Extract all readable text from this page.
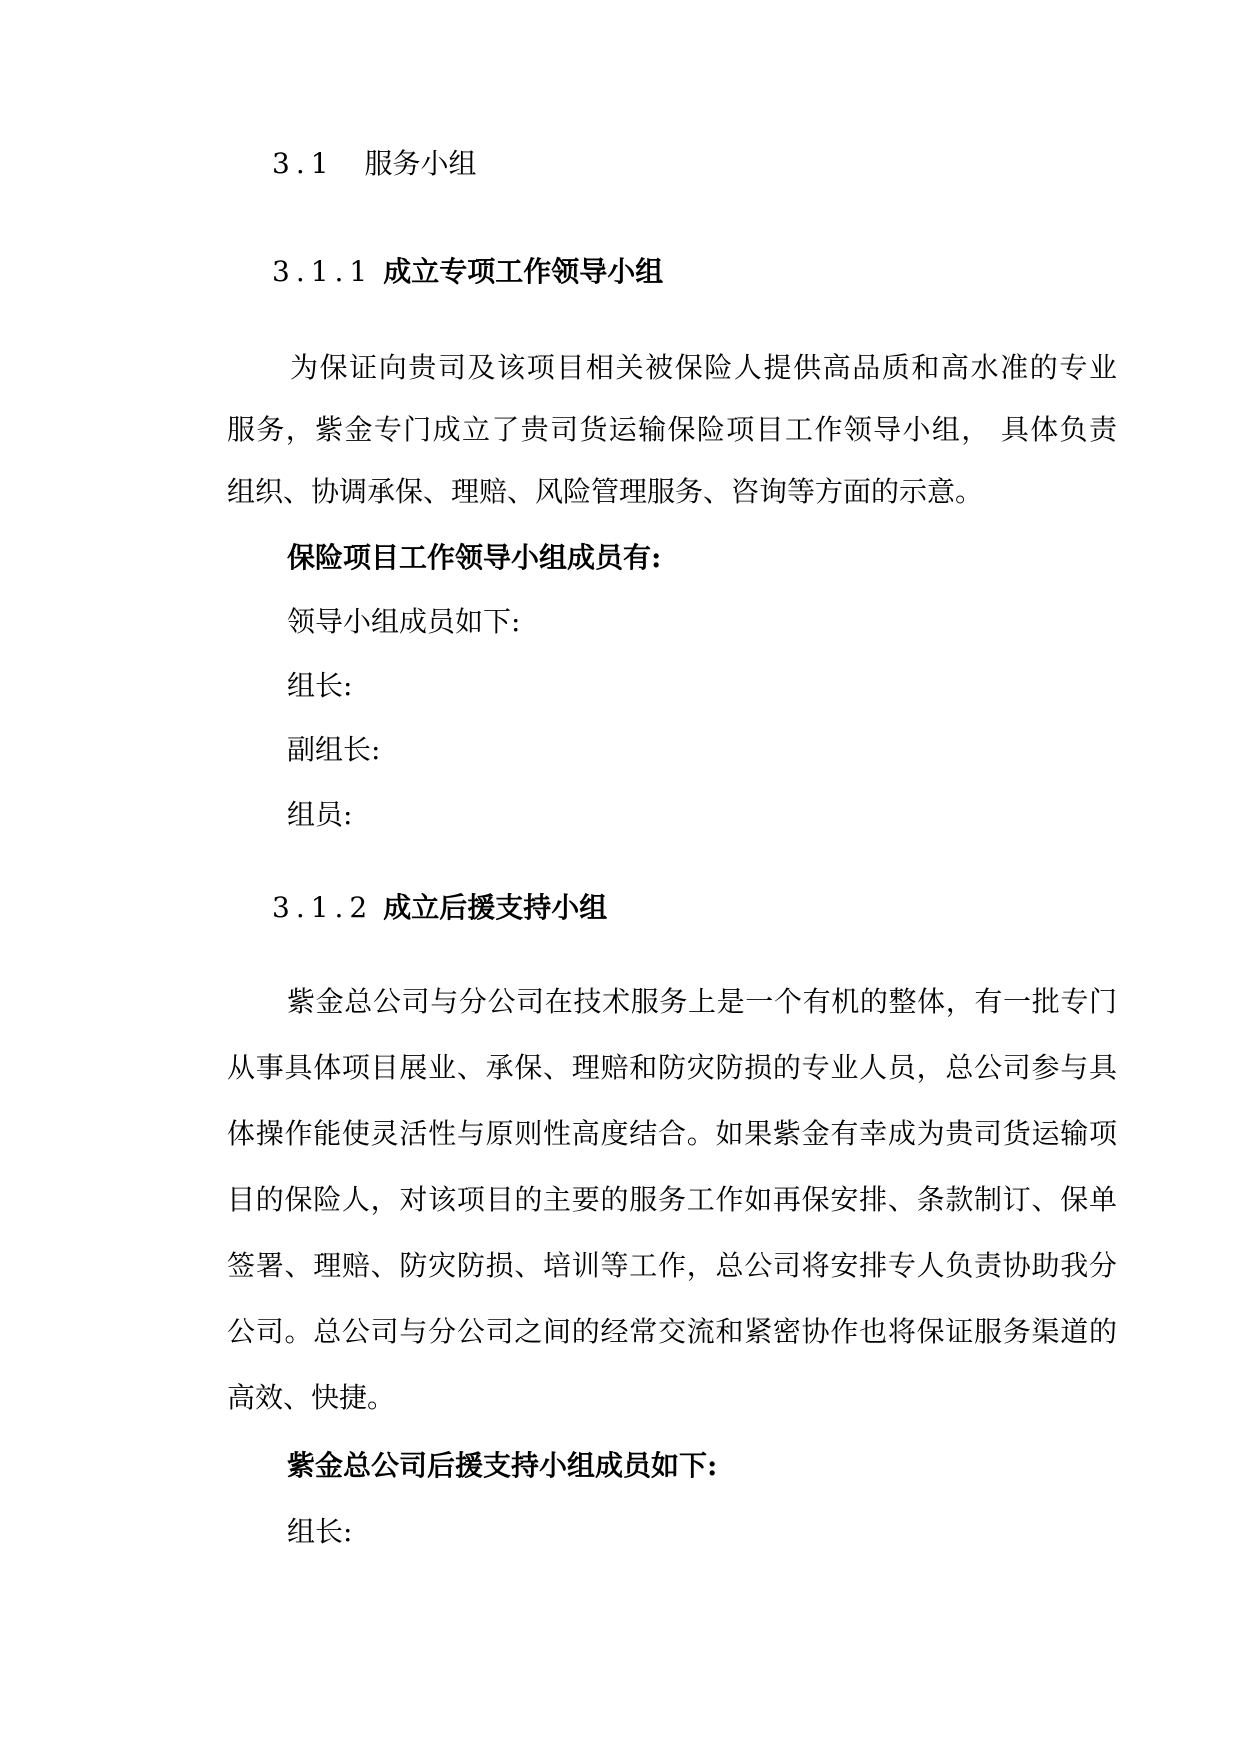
3.1 服务小组
3.1.1 成立专项工作领导小组
为保证向贵司及该项目相关被保险人提供高品质和高水准的专业
服务，紫金专门成立了贵司货运输保险项目工作领导小组， 具体负责
组织、协调承保、理赔、风险管理服务、咨询等方面的示意。
保险项目工作领导小组成员有:
领导小组成员如下:
组长:
副组长:
组员:
3.1.2 成立后援支持小组
紫金总公司与分公司在技术服务上是一个有机的整体，有一批专门
从事具体项目展业、承保、理赔和防灾防损的专业人员，总公司参与具
体操作能使灵活性与原则性高度结合。如果紫金有幸成为贵司货运输项
目的保险人，对该项目的主要的服务工作如再保安排、条款制订、保单
签署、理赔、防灾防损、培训等工作，总公司将安排专人负责协助我分
公司。总公司与分公司之间的经常交流和紧密协作也将保证服务渠道的
高效、快捷。
紫金总公司后援支持小组成员如下:
组长:
